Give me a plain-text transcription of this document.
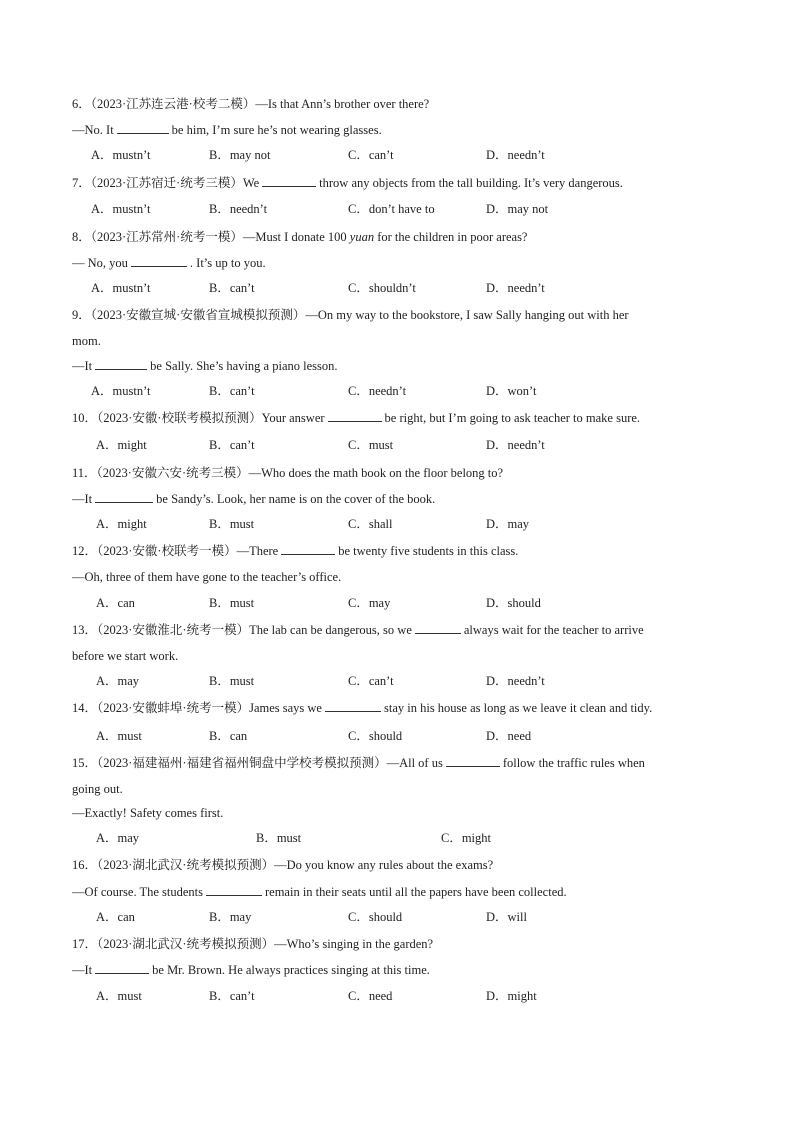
6．（2023·江苏连云港·校考二模）—Is that Ann’s brother over there?
—No. It	be him, I’m sure he’s not wearing glasses.
A．mustn’t	B．may not	C．can’t	D．needn’t
7．（2023·江苏宿迁·统考三模）We	throw any objects from the tall building. It’s very dangerous.
A．mustn’t	B．needn’t	C．don’t have to	D．may not
8．（2023·江苏常州·统考一模）—Must I donate 100 yuan for the children in poor areas?
— No, you	. It’s up to you.
A．mustn’t	B．can’t	C．shouldn’t	D．needn’t
9．（2023·安徽宣城·安徽省宣城模拟预测）—On my way to the bookstore, I saw Sally hanging out with her
mom.
—It	be Sally. She’s having a piano lesson.
A．mustn’t	B．can’t	C．needn’t	D．won’t
10．（2023·安徽·校联考模拟预测）Your answer	be right, but I’m going to ask teacher to make sure.
A．might	B．can’t	C．must	D．needn’t
11．（2023·安徽六安·统考三模）—Who does the math book on the floor belong to?
—It	be Sandy’s. Look, her name is on the cover of the book.
A．might	B．must	C．shall	D．may
12．（2023·安徽·校联考一模）—There	be twenty five students in this class.
—Oh, three of them have gone to the teacher’s office.
A．can	B．must	C．may	D．should
13．（2023·安徽淮北·统考一模）The lab can be dangerous, so we	always wait for the teacher to arrive
before we start work.
A．may	B．must	C．can’t	D．needn’t
14．（2023·安徽蚌埠·统考一模）James says we	stay in his house as long as we leave it clean and tidy.
A．must	B．can	C．should	D．need
15．（2023·福建福州·福建省福州铜盘中学校考模拟预测）—All of us	follow the traffic rules when
going out.
—Exactly! Safety comes first.
A．may	B．must	C．might
16．（2023·湖北武汉·统考模拟预测）—Do you know any rules about the exams?
—Of course. The students	remain in their seats until all the papers have been collected.
A．can	B．may	C．should	D．will
17．（2023·湖北武汉·统考模拟预测）—Who’s singing in the garden?
—It	be Mr. Brown. He always practices singing at this time.
A．must	B．can’t	C．need	D．might
